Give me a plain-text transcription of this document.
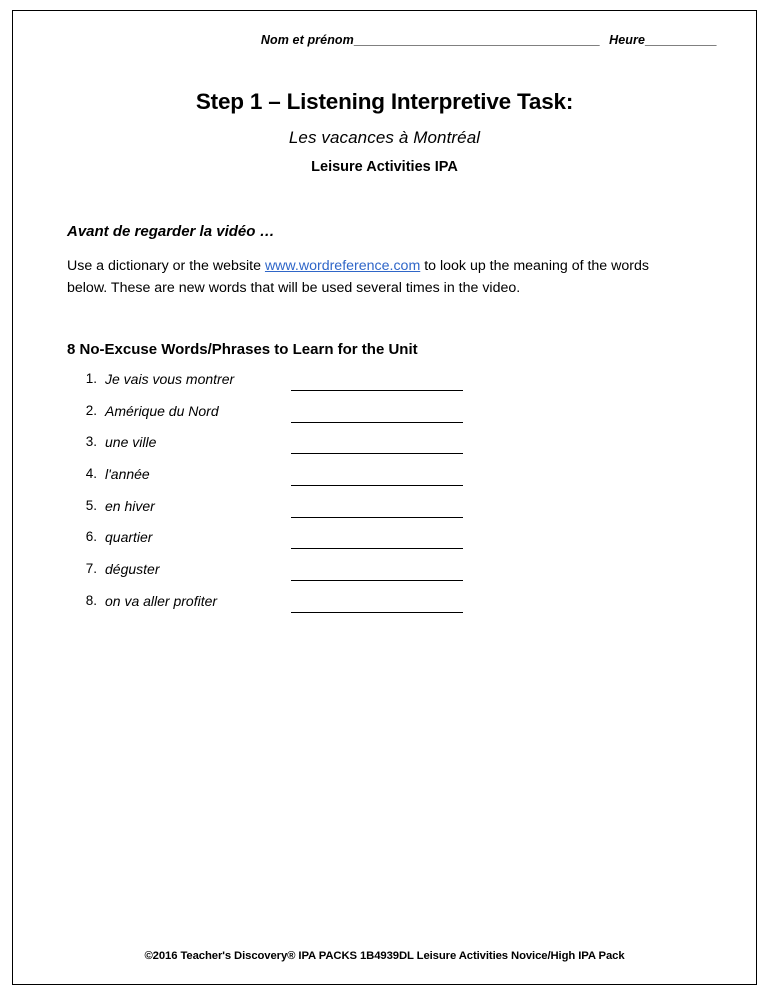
Nom et prénom______________________________________ Heure___________
Step 1 – Listening Interpretive Task:
Les vacances à Montréal
Leisure Activities IPA
Avant de regarder la vidéo …
Use a dictionary or the website www.wordreference.com to look up the meaning of the words below. These are new words that will be used several times in the video.
8 No-Excuse Words/Phrases to Learn for the Unit
1. Je vais vous montrer
2. Amérique du Nord
3. une ville
4. l'année
5. en hiver
6. quartier
7. déguster
8. on va aller profiter
©2016 Teacher's Discovery® IPA PACKS 1B4939DL Leisure Activities Novice/High IPA Pack
